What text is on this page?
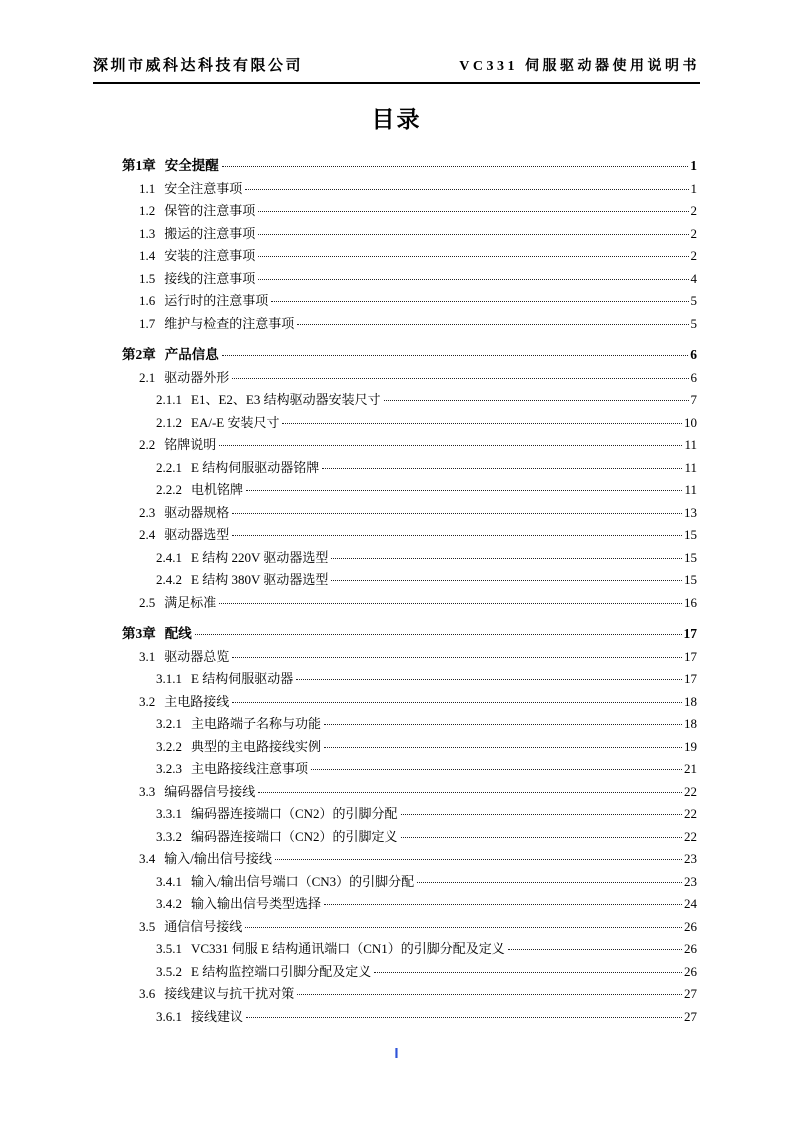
深圳市威科达科技有限公司	VC331 伺服驱动器使用说明书
目录
第1章 安全提醒	1
1.1 安全注意事项	1
1.2 保管的注意事项	2
1.3 搬运的注意事项	2
1.4 安装的注意事项	2
1.5 接线的注意事项	4
1.6 运行时的注意事项	5
1.7 维护与检查的注意事项	5
第2章 产品信息	6
2.1 驱动器外形	6
2.1.1 E1、E2、E3 结构驱动器安装尺寸	7
2.1.2 EA/-E 安装尺寸	10
2.2 铭牌说明	11
2.2.1 E 结构伺服驱动器铭牌	11
2.2.2 电机铭牌	11
2.3 驱动器规格	13
2.4 驱动器选型	15
2.4.1 E 结构 220V 驱动器选型	15
2.4.2 E 结构 380V 驱动器选型	15
2.5 满足标准	16
第3章 配线	17
3.1 驱动器总览	17
3.1.1 E 结构伺服驱动器	17
3.2 主电路接线	18
3.2.1 主电路端子名称与功能	18
3.2.2 典型的主电路接线实例	19
3.2.3 主电路接线注意事项	21
3.3 编码器信号接线	22
3.3.1 编码器连接端口（CN2）的引脚分配	22
3.3.2 编码器连接端口（CN2）的引脚定义	22
3.4 输入/输出信号接线	23
3.4.1 输入/输出信号端口（CN3）的引脚分配	23
3.4.2 输入输出信号类型选择	24
3.5 通信信号接线	26
3.5.1 VC331 伺服 E 结构通讯端口（CN1）的引脚分配及定义	26
3.5.2 E 结构监控端口引脚分配及定义	26
3.6 接线建议与抗干扰对策	27
3.6.1 接线建议	27
I
